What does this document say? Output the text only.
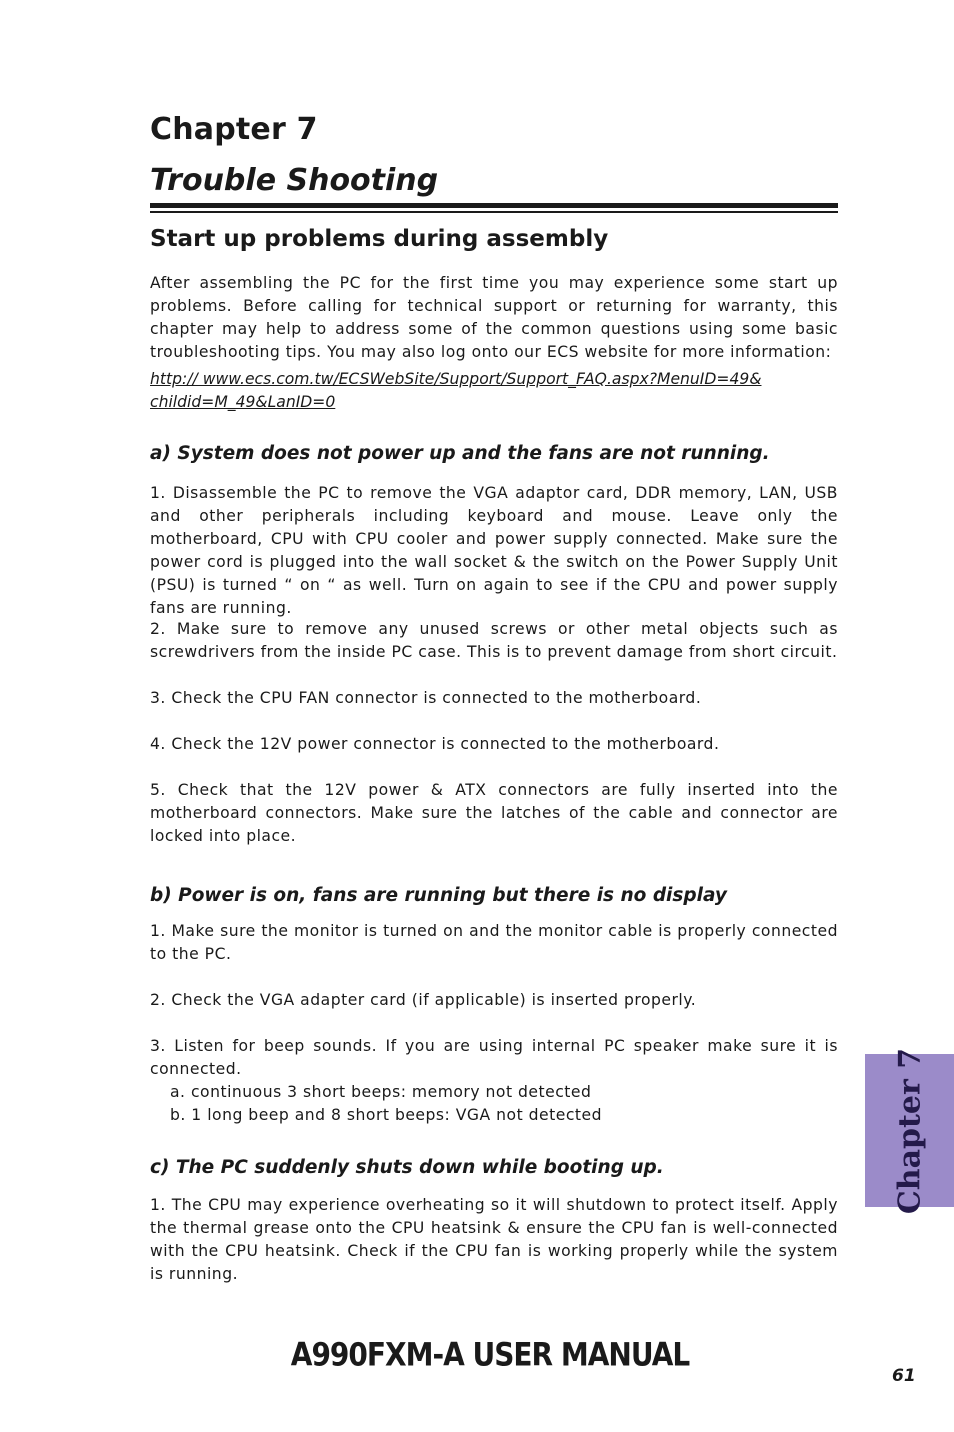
Chapter 7
Trouble Shooting
Start up problems during assembly

After assembling the PC for the first time you may experience some start up problems. Before calling for technical support or returning for warranty, this chapter may help to address some of the common questions using some basic troubleshooting tips. You may also log onto our ECS website for more information:

http:// www.ecs.com.tw/ECSWebSite/Support/Support_FAQ.aspx?MenuID=49&
childid=M_49&LanID=0
a) System does not power up and the fans are not running.

1. Disassemble the PC to remove the VGA adaptor card, DDR memory, LAN, USB and other peripherals including keyboard and mouse. Leave only the motherboard, CPU with CPU cooler and power supply connected. Make sure the power cord is plugged into the wall socket & the switch on the Power Supply Unit (PSU) is turned “ on “ as well. Turn on again to see if the CPU and power supply fans are running.

2. Make sure to remove any unused screws or other metal objects such as screwdrivers from the inside PC case. This is to prevent damage from short circuit.

3. Check the CPU FAN connector is connected to the motherboard.

4. Check the 12V power connector is connected to the motherboard.

5. Check that the 12V power & ATX connectors are fully inserted into the motherboard connectors. Make sure the latches of the cable and connector are locked into place.

b) Power is on, fans are running but there is no display

1. Make sure the monitor is turned on and the monitor cable is properly connected to the PC.

2. Check the VGA adapter card (if applicable) is inserted properly.

3. Listen for beep sounds. If you are using internal PC speaker make sure it is connected.

a. continuous 3 short beeps: memory not detected

b. 1 long beep and 8 short beeps: VGA not detected

c) The PC suddenly shuts down while booting up.

1. The CPU may experience overheating so it will shutdown to protect itself. Apply the thermal grease onto the CPU heatsink & ensure the CPU fan is well-connected with the CPU heatsink. Check if the CPU fan is working properly while the system is running.

Chapter 7
A990FXM-A USER MANUAL
61
